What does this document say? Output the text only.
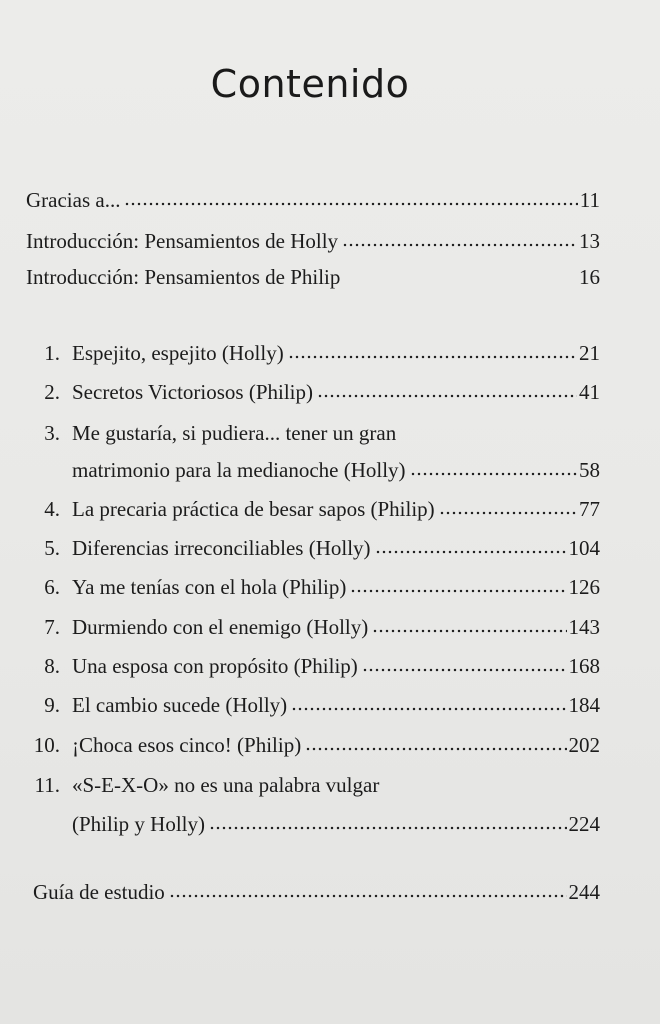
Contenido
Gracias a...	11
Introducción: Pensamientos de Holly	13
Introducción: Pensamientos de Philip	16
1. Espejito, espejito (Holly)	21
2. Secretos Victoriosos (Philip)	41
3. Me gustaría, si pudiera... tener un gran
matrimonio para la medianoche (Holly)	58
4. La precaria práctica de besar sapos (Philip)	77
5. Diferencias irreconciliables (Holly)	104
6. Ya me tenías con el hola (Philip)	126
7. Durmiendo con el enemigo (Holly)	143
8. Una esposa con propósito (Philip)	168
9. El cambio sucede (Holly)	184
10. ¡Choca esos cinco! (Philip)	202
11. «S-E-X-O» no es una palabra vulgar
(Philip y Holly)	224
Guía de estudio	244
